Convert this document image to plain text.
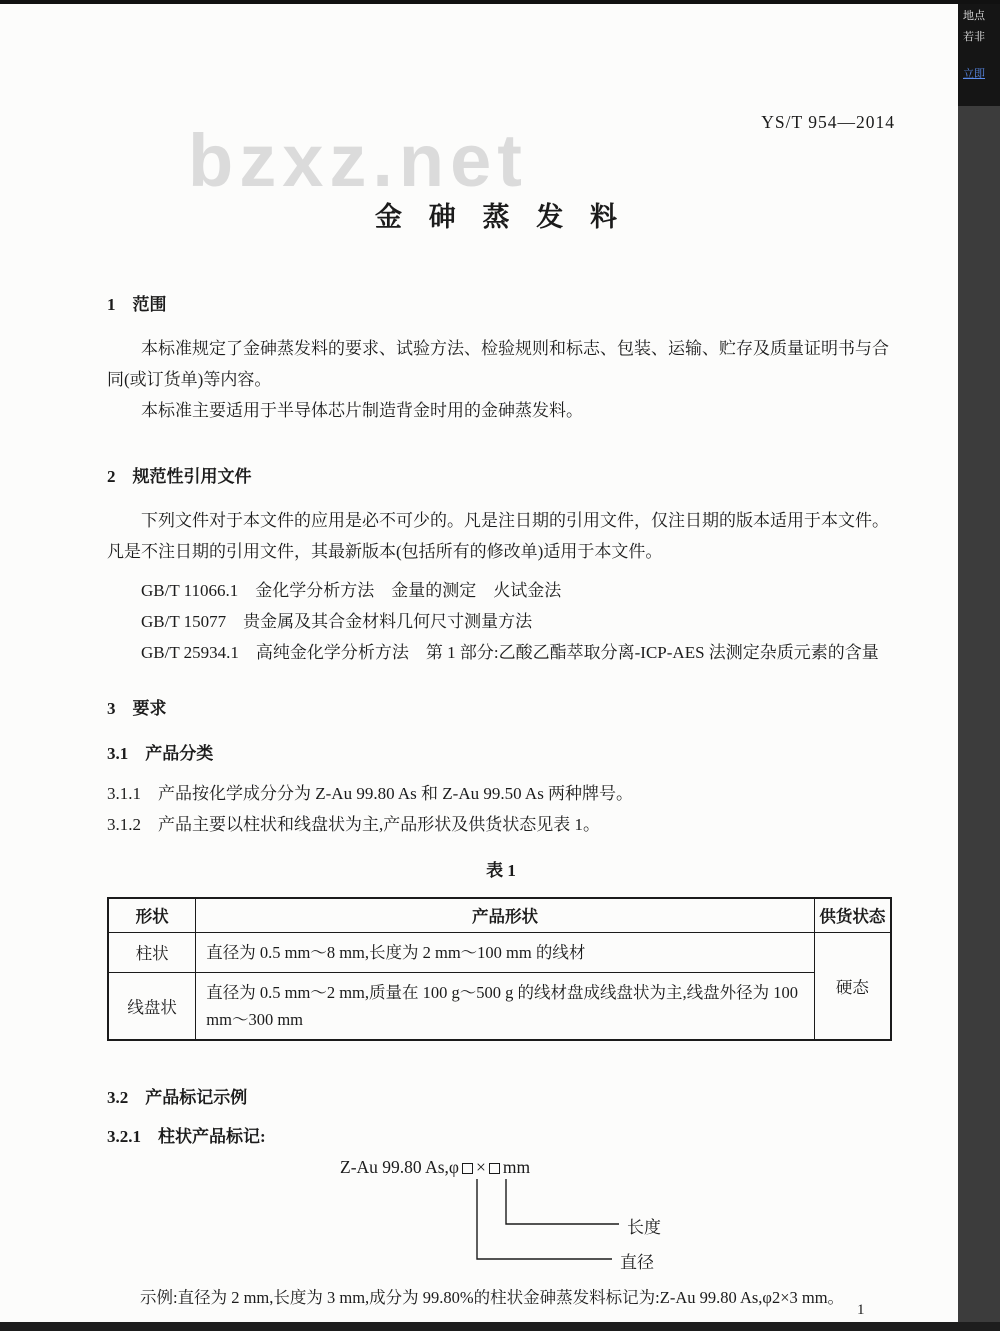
bzxz.net	YS/T 954—2014
金 砷 蒸 发 料
1　范围

本标准规定了金砷蒸发料的要求、试验方法、检验规则和标志、包装、运输、贮存及质量证明书与合同(或订货单)等内容。

本标准主要适用于半导体芯片制造背金时用的金砷蒸发料。

2　规范性引用文件

下列文件对于本文件的应用是必不可少的。凡是注日期的引用文件，仅注日期的版本适用于本文件。凡是不注日期的引用文件，其最新版本(包括所有的修改单)适用于本文件。

GB/T 11066.1　金化学分析方法　金量的测定　火试金法

GB/T 15077　贵金属及其合金材料几何尺寸测量方法

GB/T 25934.1　高纯金化学分析方法　第 1 部分:乙酸乙酯萃取分离-ICP-AES 法测定杂质元素的含量

3　要求
3.1　产品分类

3.1.1　产品按化学成分分为 Z-Au 99.80 As 和 Z-Au 99.50 As 两种牌号。

3.1.2　产品主要以柱状和线盘状为主,产品形状及供货状态见表 1。

表 1
形状	产品形状	供货状态
柱状	直径为 0.5 mm～8 mm,长度为 2 mm～100 mm 的线材	硬态
线盘状	直径为 0.5 mm～2 mm,质量在 100 g～500 g 的线材盘成线盘状为主,线盘外径为 100 mm～300 mm	
3.2　产品标记示例
3.2.1　柱状产品标记:
Z-Au 99.80 As,φ × mm
长度
直径

示例:直径为 2 mm,长度为 3 mm,成分为 99.80%的柱状金砷蒸发料标记为:Z-Au 99.80 As,φ2×3 mm。

1
地点
若非
立即
